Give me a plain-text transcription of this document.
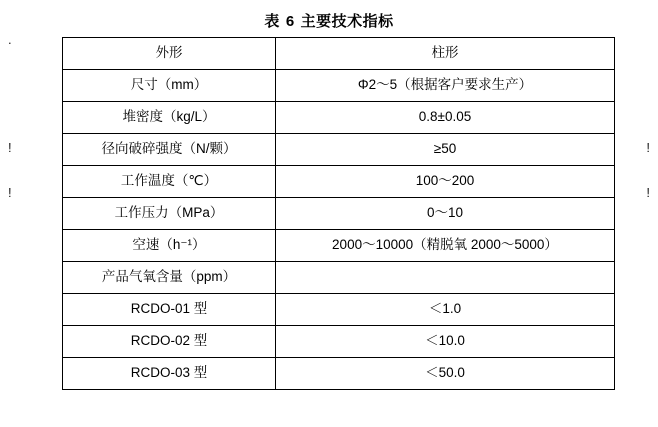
表 6 主要技术指标
.
!
!
!
!
外形	柱形
尺寸（mm）	Φ2～5（根据客户要求生产）
堆密度（kg/L）	0.8±0.05
径向破碎强度（N/颗）	≥50
工作温度（℃）	100～200
工作压力（MPa）	0～10
空速（h⁻¹）	2000～10000（精脱氧 2000～5000）
产品气氧含量（ppm）	
RCDO-01 型	＜1.0
RCDO-02 型	＜10.0
RCDO-03 型	＜50.0
